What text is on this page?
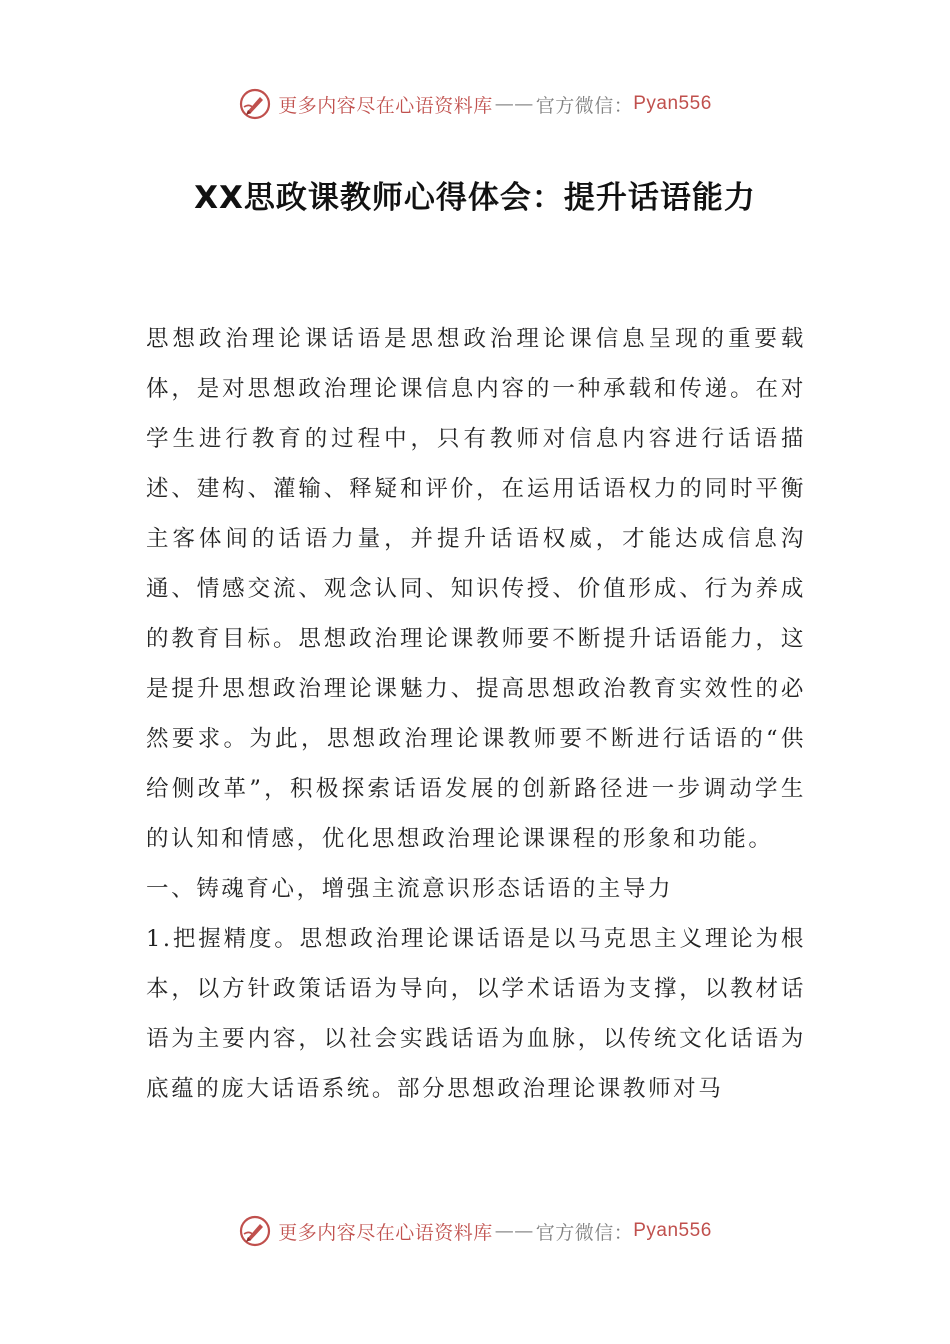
更多内容尽在心语资料库 —— 官方微信： Pyan556
XX思政课教师心得体会：提升话语能力

思想政治理论课话语是思想政治理论课信息呈现的重要载体，是对思想政治理论课信息内容的一种承载和传递。在对学生进行教育的过程中，只有教师对信息内容进行话语描述、建构、灌输、释疑和评价，在运用话语权力的同时平衡主客体间的话语力量，并提升话语权威，才能达成信息沟通、情感交流、观念认同、知识传授、价值形成、行为养成的教育目标。思想政治理论课教师要不断提升话语能力，这是提升思想政治理论课魅力、提高思想政治教育实效性的必然要求。为此，思想政治理论课教师要不断进行话语的“供给侧改革”，积极探索话语发展的创新路径进一步调动学生的认知和情感，优化思想政治理论课课程的形象和功能。

一、铸魂育心，增强主流意识形态话语的主导力

1.把握精度。思想政治理论课话语是以马克思主义理论为根本，以方针政策话语为导向，以学术话语为支撑，以教材话语为主要内容，以社会实践话语为血脉，以传统文化话语为底蕴的庞大话语系统。部分思想政治理论课教师对马

更多内容尽在心语资料库 —— 官方微信： Pyan556
